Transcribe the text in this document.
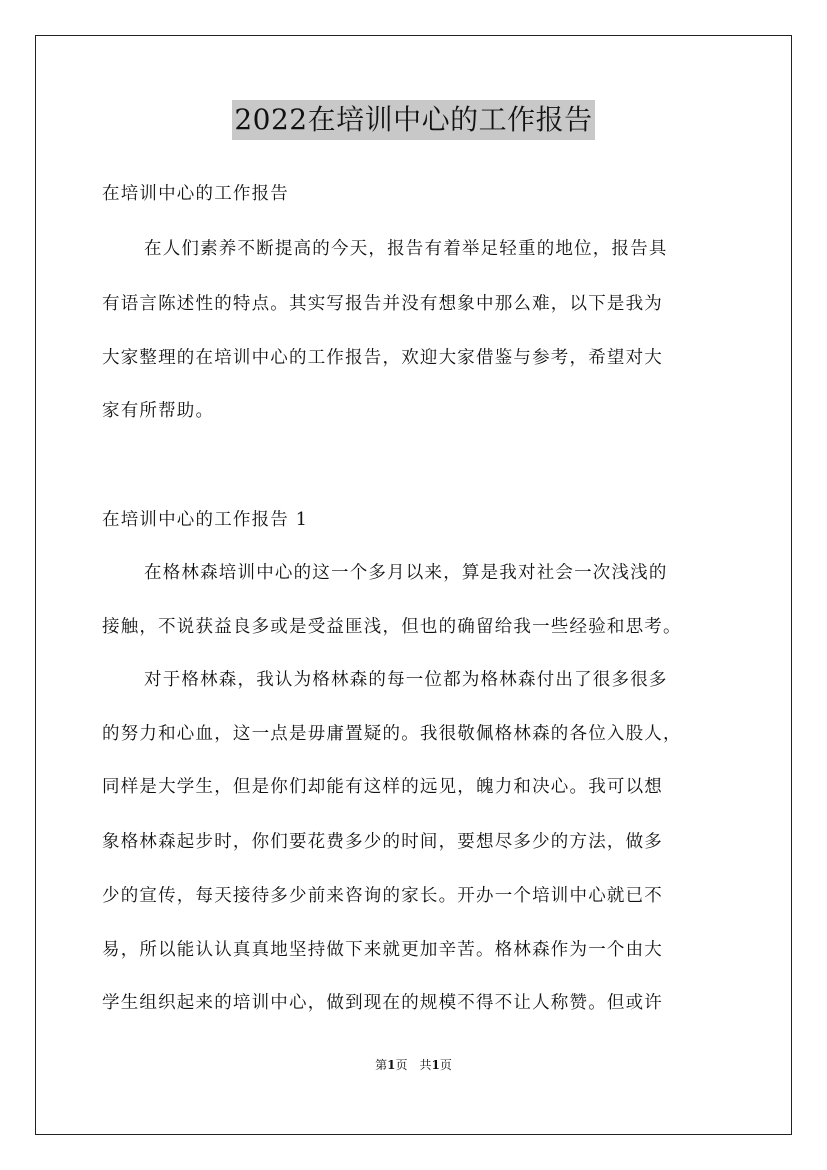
2022在培训中心的工作报告
在培训中心的工作报告
在人们素养不断提高的今天，报告有着举足轻重的地位，报告具
有语言陈述性的特点。其实写报告并没有想象中那么难，以下是我为
大家整理的在培训中心的工作报告，欢迎大家借鉴与参考，希望对大
家有所帮助。
在培训中心的工作报告 1
在格林森培训中心的这一个多月以来，算是我对社会一次浅浅的
接触，不说获益良多或是受益匪浅，但也的确留给我一些经验和思考。
对于格林森，我认为格林森的每一位都为格林森付出了很多很多
的努力和心血，这一点是毋庸置疑的。我很敬佩格林森的各位入股人，
同样是大学生，但是你们却能有这样的远见，魄力和决心。我可以想
象格林森起步时，你们要花费多少的时间，要想尽多少的方法，做多
少的宣传，每天接待多少前来咨询的家长。开办一个培训中心就已不
易，所以能认认真真地坚持做下来就更加辛苦。格林森作为一个由大
学生组织起来的培训中心，做到现在的规模不得不让人称赞。但或许
第1页　共1页
